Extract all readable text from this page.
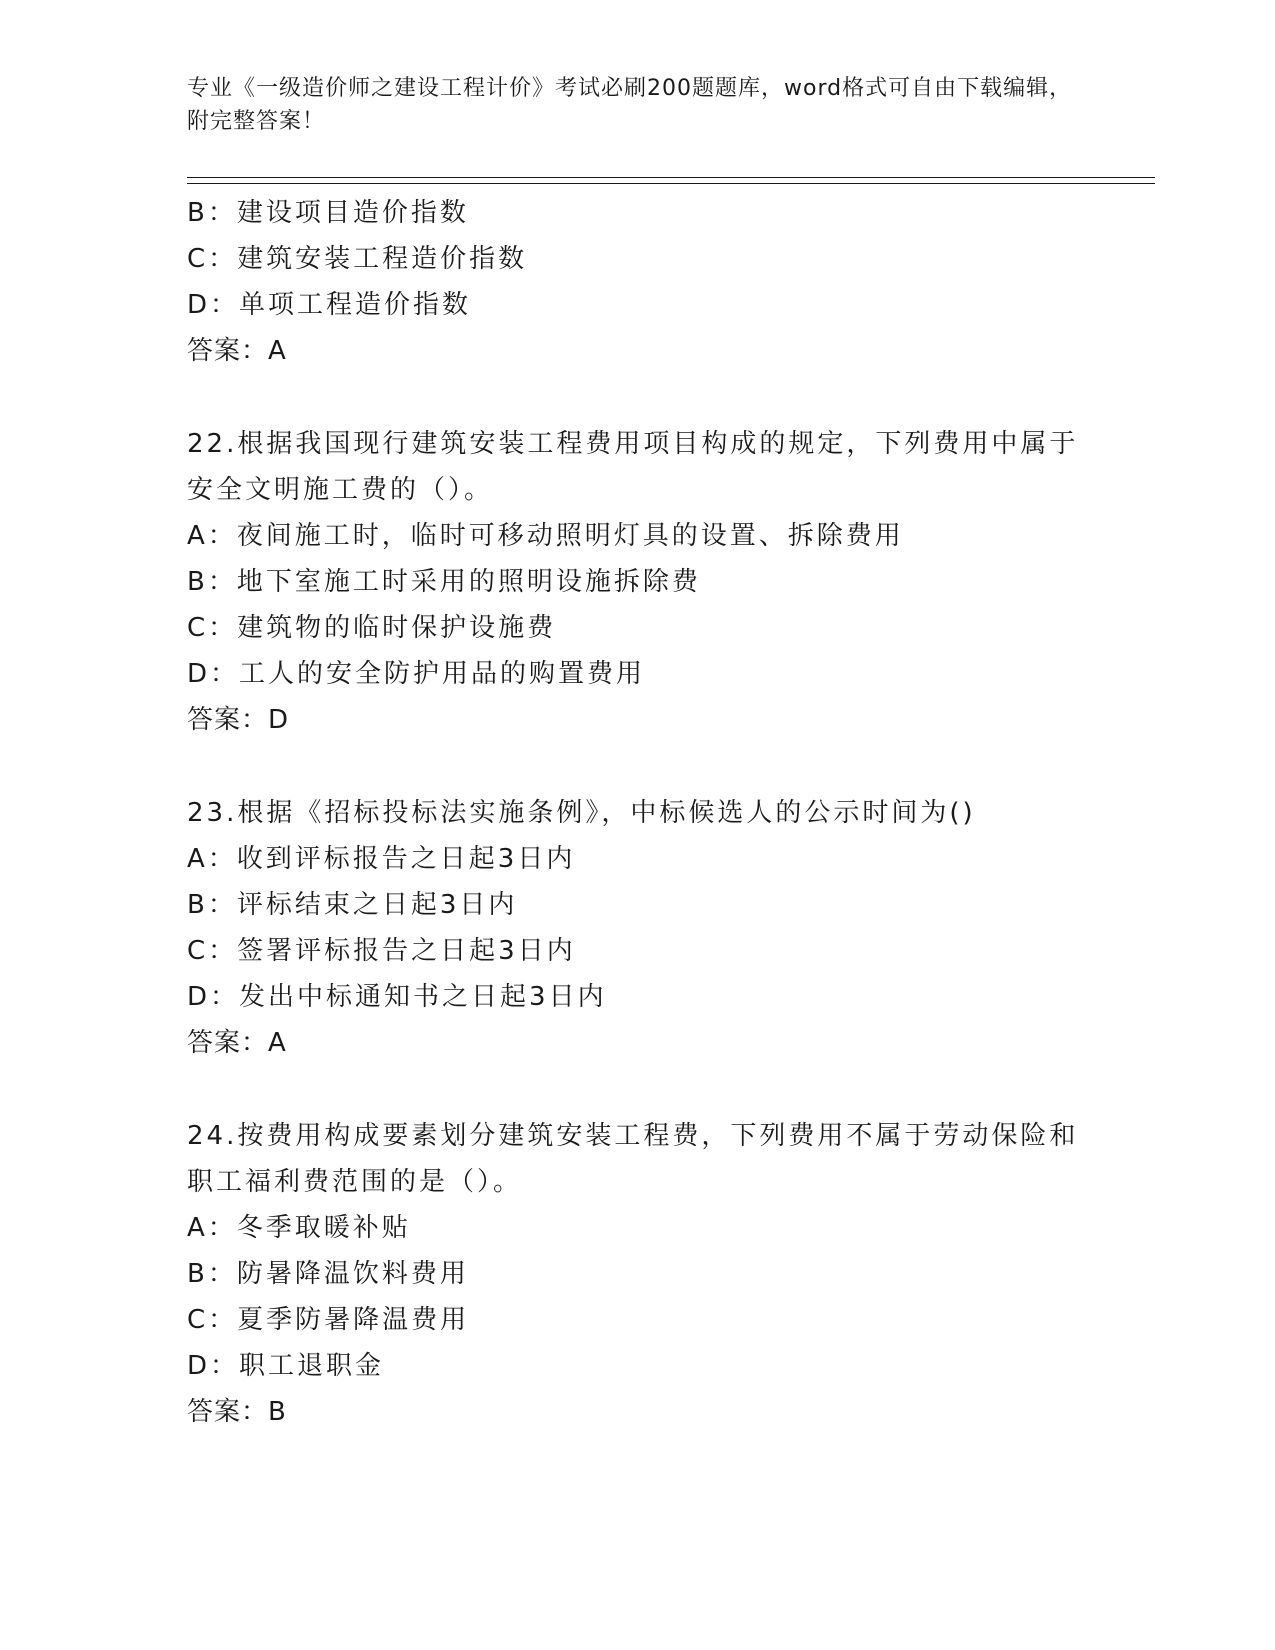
专业《一级造价师之建设工程计价》考试必刷200题题库，word格式可自由下载编辑，附完整答案！
B：建设项目造价指数
C：建筑安装工程造价指数
D：单项工程造价指数
答案：A
22.根据我国现行建筑安装工程费用项目构成的规定，下列费用中属于安全文明施工费的（）。
A：夜间施工时，临时可移动照明灯具的设置、拆除费用
B：地下室施工时采用的照明设施拆除费
C：建筑物的临时保护设施费
D：工人的安全防护用品的购置费用
答案：D
23.根据《招标投标法实施条例》，中标候选人的公示时间为()
A：收到评标报告之日起3日内
B：评标结束之日起3日内
C：签署评标报告之日起3日内
D：发出中标通知书之日起3日内
答案：A
24.按费用构成要素划分建筑安装工程费，下列费用不属于劳动保险和职工福利费范围的是（）。
A：冬季取暖补贴
B：防暑降温饮料费用
C：夏季防暑降温费用
D：职工退职金
答案：B
